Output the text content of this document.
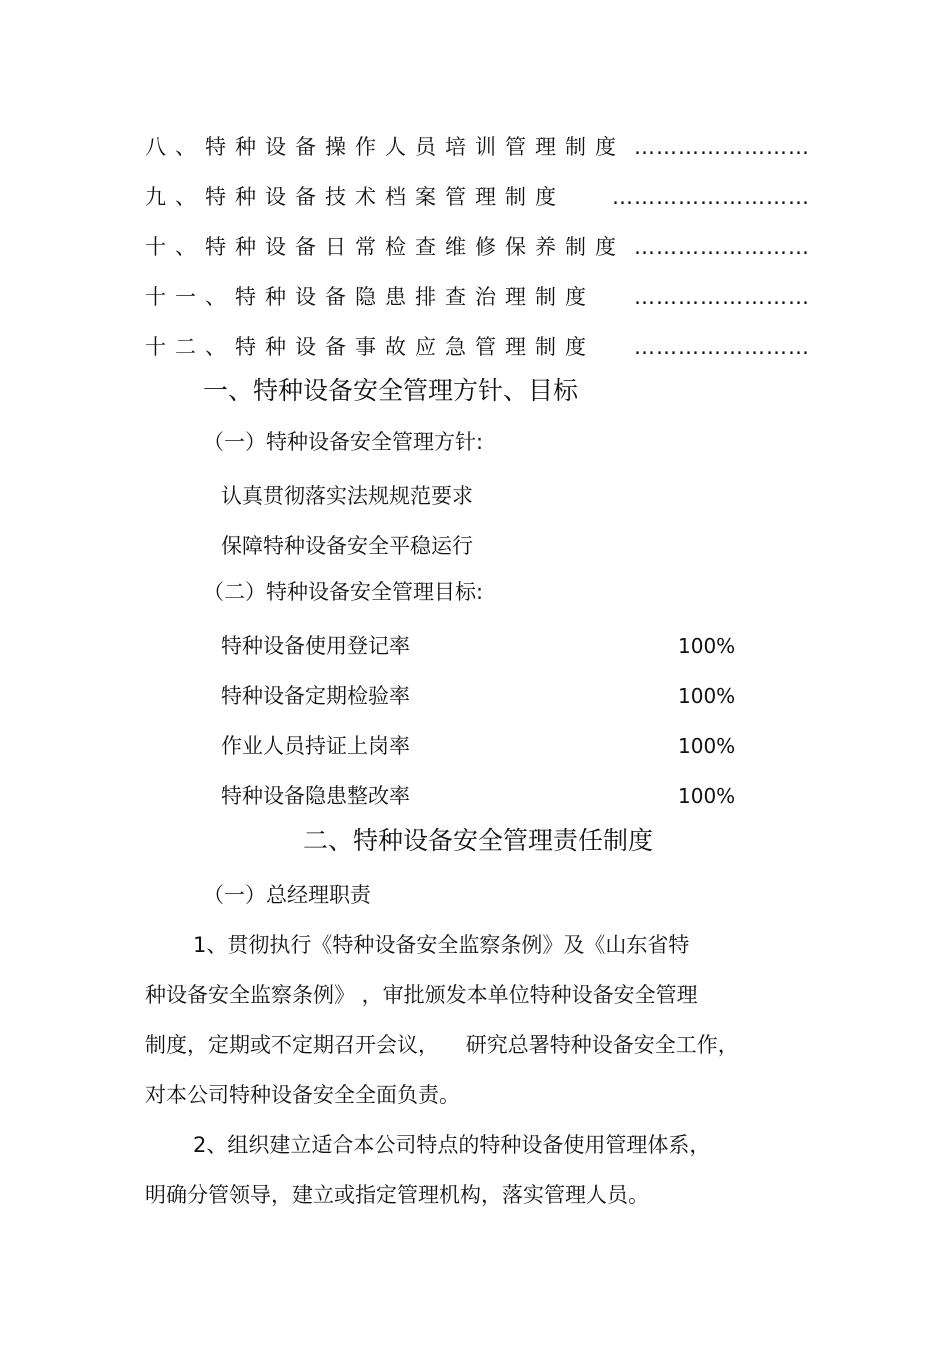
八、特种设备操作人员培训管理制度 ……………………
九、特种设备技术档案管理制度	………………………
十、特种设备日常检查维修保养制度 ……………………
十一、特种设备隐患排查治理制度	……………………
十二、特种设备事故应急管理制度	……………………
一、特种设备安全管理方针、目标
（一）特种设备安全管理方针:
认真贯彻落实法规规范要求
保障特种设备安全平稳运行
（二）特种设备安全管理目标:
特种设备使用登记率	100%
特种设备定期检验率	100%
作业人员持证上岗率	100%
特种设备隐患整改率	100%
二、特种设备安全管理责任制度
（一）总经理职责
1、贯彻执行《特种设备安全监察条例》及《山东省特
种设备安全监察条例》 ，审批颁发本单位特种设备安全管理
制度，定期或不定期召开会议，    研究总署特种设备安全工作，
对本公司特种设备安全全面负责。
2、组织建立适合本公司特点的特种设备使用管理体系，
明确分管领导，建立或指定管理机构，落实管理人员。
